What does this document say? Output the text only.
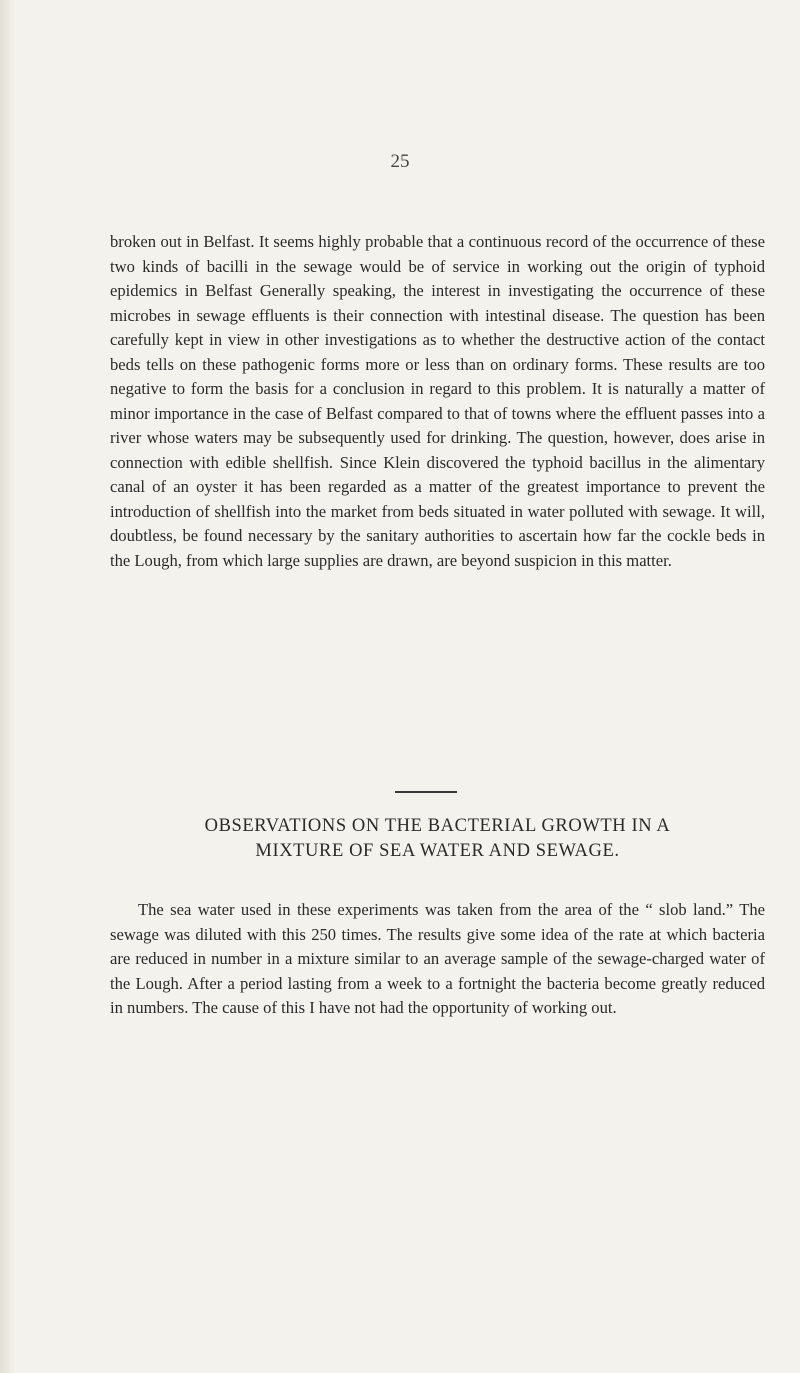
25

broken out in Belfast. It seems highly probable that a continuous record of the occurrence of these two kinds of bacilli in the sewage would be of service in working out the origin of typhoid epidemics in Belfast Generally speaking, the interest in investigating the occurrence of these microbes in sewage effluents is their connection with intestinal disease. The question has been carefully kept in view in other investigations as to whether the destructive action of the contact beds tells on these pathogenic forms more or less than on ordinary forms. These results are too negative to form the basis for a conclusion in regard to this problem. It is naturally a matter of minor importance in the case of Belfast compared to that of towns where the effluent passes into a river whose waters may be subsequently used for drinking. The question, however, does arise in connection with edible shellfish. Since Klein discovered the typhoid bacillus in the alimentary canal of an oyster it has been regarded as a matter of the greatest importance to prevent the introduction of shellfish into the market from beds situated in water polluted with sewage. It will, doubtless, be found necessary by the sanitary authorities to ascertain how far the cockle beds in the Lough, from which large supplies are drawn, are beyond suspicion in this matter.

OBSERVATIONS ON THE BACTERIAL GROWTH IN A
MIXTURE OF SEA WATER AND SEWAGE.

The sea water used in these experiments was taken from the area of the “ slob land.” The sewage was diluted with this 250 times. The results give some idea of the rate at which bacteria are reduced in number in a mixture similar to an average sample of the sewage-charged water of the Lough. After a period lasting from a week to a fortnight the bacteria become greatly reduced in numbers. The cause of this I have not had the opportunity of working out.
